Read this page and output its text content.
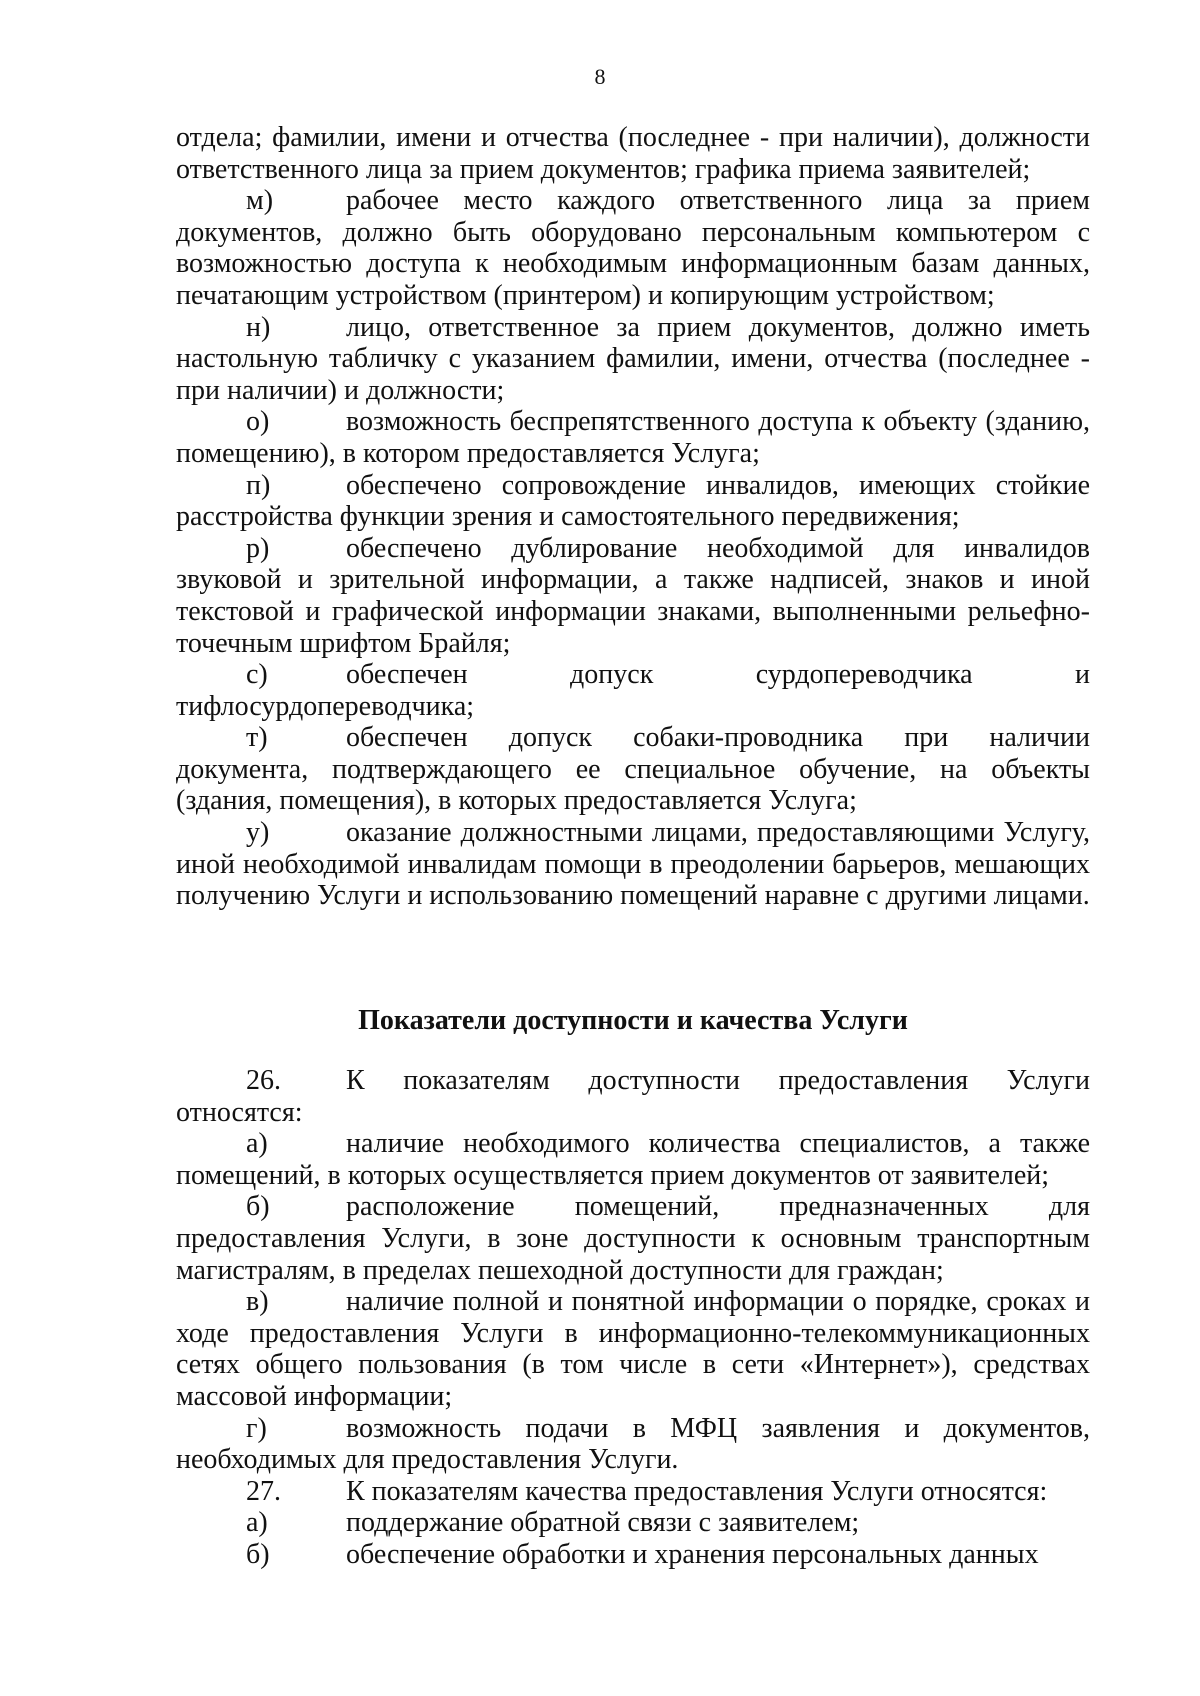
8

отдела; фамилии, имени и отчества (последнее - при наличии), должности ответственного лица за прием документов; графика приема заявителей;

м)	рабочее место каждого ответственного лица за прием документов, должно быть оборудовано персональным компьютером с возможностью доступа к необходимым информационным базам данных, печатающим устройством (принтером) и копирующим устройством;

н)	лицо, ответственное за прием документов, должно иметь настольную табличку с указанием фамилии, имени, отчества (последнее - при наличии) и должности;

о)	возможность беспрепятственного доступа к объекту (зданию, помещению), в котором предоставляется Услуга;

п)	обеспечено сопровождение инвалидов, имеющих стойкие расстройства функции зрения и самостоятельного передвижения;

р)	обеспечено дублирование необходимой для инвалидов звуковой и зрительной информации, а также надписей, знаков и иной текстовой и графической информации знаками, выполненными рельефно-точечным шрифтом Брайля;

с)	обеспечен допуск сурдопереводчика и тифлосурдопереводчика;

т)	обеспечен допуск собаки-проводника при наличии документа, подтверждающего ее специальное обучение, на объекты (здания, помещения), в которых предоставляется Услуга;

у)	оказание должностными лицами, предоставляющими Услугу, иной необходимой инвалидам помощи в преодолении барьеров, мешающих получению Услуги и использованию помещений наравне с другими лицами.

Показатели доступности и качества Услуги

26. К показателям доступности предоставления Услуги относятся:

а)	наличие необходимого количества специалистов, а также помещений, в которых осуществляется прием документов от заявителей;

б)	расположение помещений, предназначенных для предоставления Услуги, в зоне доступности к основным транспортным магистралям, в пределах пешеходной доступности для граждан;

в)	наличие полной и понятной информации о порядке, сроках и ходе предоставления Услуги в информационно-телекоммуникационных сетях общего пользования (в том числе в сети «Интернет»), средствах массовой информации;

г)	возможность подачи в МФЦ заявления и документов, необходимых для предоставления Услуги.

27. К показателям качества предоставления Услуги относятся:

а)	поддержание обратной связи с заявителем;

б)	обеспечение обработки и хранения персональных данных
